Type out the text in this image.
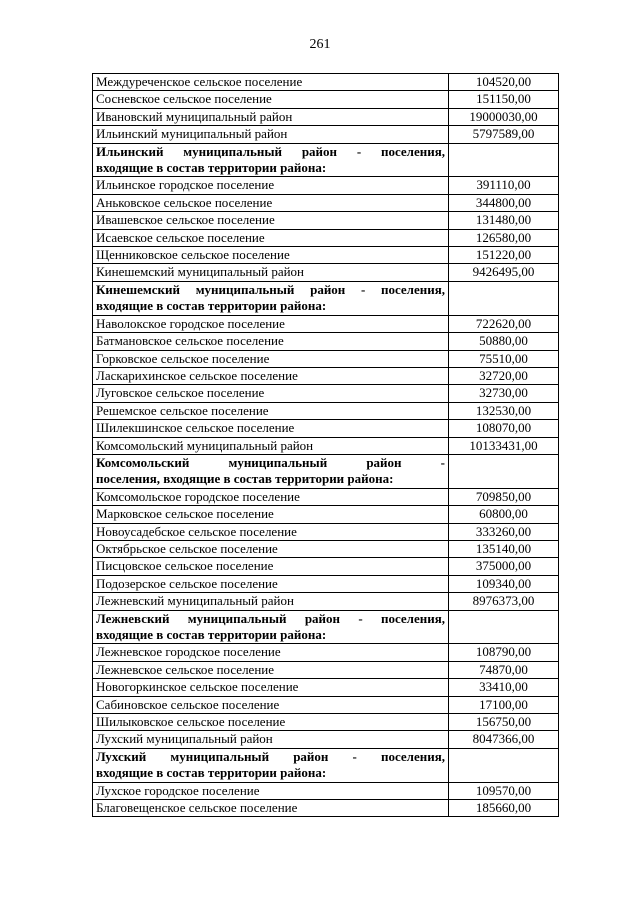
261
Междуреченское сельское поселение	104520,00
Сосневское сельское поселение	151150,00
Ивановский муниципальный район	19000030,00
Ильинский муниципальный район	5797589,00

Ильинский муниципальный район - поселения,
входящие в состав территории района:	

Ильинское городское поселение	391110,00
Аньковское сельское поселение	344800,00
Ивашевское сельское поселение	131480,00
Исаевское сельское поселение	126580,00
Щенниковское сельское поселение	151220,00
Кинешемский муниципальный район	9426495,00

Кинешемский муниципальный район - поселения,
входящие в состав территории района:	

Наволокское городское поселение	722620,00
Батмановское сельское поселение	50880,00
Горковское сельское поселение	75510,00
Ласкарихинское сельское поселение	32720,00
Луговское сельское поселение	32730,00
Решемское сельское поселение	132530,00
Шилекшинское сельское поселение	108070,00
Комсомольский муниципальный район	10133431,00

Комсомольский муниципальный район -
поселения, входящие в состав территории района:	

Комсомольское городское поселение	709850,00
Марковское сельское поселение	60800,00
Новоусадебское сельское поселение	333260,00
Октябрьское сельское поселение	135140,00
Писцовское сельское поселение	375000,00
Подозерское сельское поселение	109340,00
Лежневский муниципальный район	8976373,00

Лежневский муниципальный район - поселения,
входящие в состав территории района:	

Лежневское городское поселение	108790,00
Лежневское сельское поселение	74870,00
Новогоркинское сельское поселение	33410,00
Сабиновское сельское поселение	17100,00
Шилыковское сельское поселение	156750,00
Лухский муниципальный район	8047366,00

Лухский муниципальный район - поселения,
входящие в состав территории района:	

Лухское городское поселение	109570,00
Благовещенское сельское поселение	185660,00
